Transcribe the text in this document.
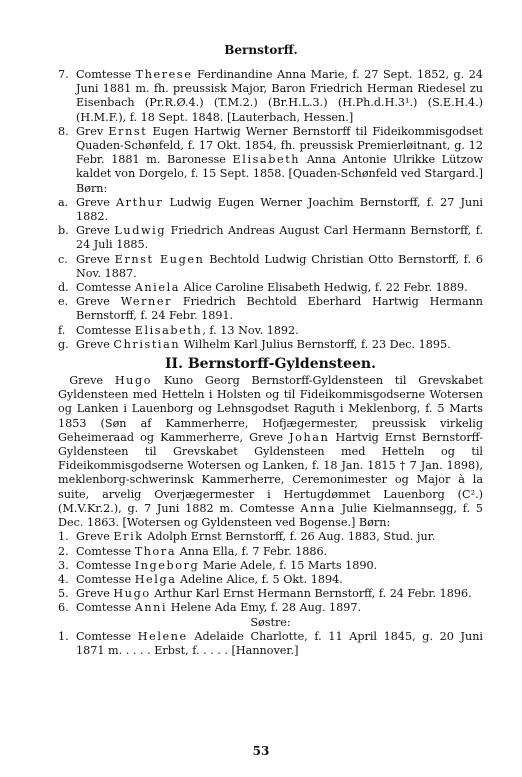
Bernstorff.

7. Comtesse Therese Ferdinandine Anna Marie, f. 27 Sept. 1852, g. 24 Juni 1881 m. fh. preussisk Major, Baron Friedrich Herman Riedesel zu Eisenbach (Pr.R.Ø.4.) (T.M.2.) (Br.H.L.3.) (H.Ph.d.H.3¹.) (S.E.H.4.) (H.M.F.), f. 18 Sept. 1848. [Lauterbach, Hessen.]

8. Grev Ernst Eugen Hartwig Werner Bernstorff til Fideikommisgodset Quaden-Schønfeld, f. 17 Okt. 1854, fh. preussisk Premierløitnant, g. 12 Febr. 1881 m. Baronesse Elisabeth Anna Antonie Ulrikke Lützow kaldet von Dorgelo, f. 15 Sept. 1858. [Quaden-Schønfeld ved Stargard.] Børn:

a. Greve Arthur Ludwig Eugen Werner Joachim Bernstorff, f. 27 Juni 1882.

b. Greve Ludwig Friedrich Andreas August Carl Hermann Bernstorff, f. 24 Juli 1885.

c. Greve Ernst Eugen Bechtold Ludwig Christian Otto Bernstorff, f. 6 Nov. 1887.

d. Comtesse Aniela Alice Caroline Elisabeth Hedwig, f. 22 Febr. 1889.

e. Greve Werner Friedrich Bechtold Eberhard Hartwig Hermann Bernstorff, f. 24 Febr. 1891.

f. Comtesse Elisabeth, f. 13 Nov. 1892.

g. Greve Christian Wilhelm Karl Julius Bernstorff, f. 23 Dec. 1895.

II. Bernstorff-Gyldensteen.

 Greve Hugo Kuno Georg Bernstorff-Gyldensteen til Grevskabet Gyldensteen med Hetteln i Holsten og til Fideikommisgodserne Wotersen og Lanken i Lauenborg og Lehnsgodset Raguth i Meklenborg, f. 5 Marts 1853 (Søn af Kammerherre, Hofjægermester, preussisk virkelig Geheimeraad og Kammerherre, Greve Johan Hartvig Ernst Bernstorff-Gyldensteen til Grevskabet Gyldensteen med Hetteln og til Fideikommisgodserne Wotersen og Lanken, f. 18 Jan. 1815 † 7 Jan. 1898), meklenborg-schwerinsk Kammerherre, Ceremonimester og Major à la suite, arvelig Overjægermester i Hertugdømmet Lauenborg (C².) (M.V.Kr.2.), g. 7 Juni 1882 m. Comtesse Anna Julie Kielmannsegg, f. 5 Dec. 1863. [Wotersen og Gyldensteen ved Bogense.] Børn:

1. Greve Erik Adolph Ernst Bernstorff, f. 26 Aug. 1883, Stud. jur.

2. Comtesse Thora Anna Ella, f. 7 Febr. 1886.

3. Comtesse Ingeborg Marie Adele, f. 15 Marts 1890.

4. Comtesse Helga Adeline Alice, f. 5 Okt. 1894.

5. Greve Hugo Arthur Karl Ernst Hermann Bernstorff, f. 24 Febr. 1896.

6. Comtesse Anni Helene Ada Emy, f. 28 Aug. 1897.

Søstre:

1. Comtesse Helene Adelaide Charlotte, f. 11 April 1845, g. 20 Juni 1871 m. . . . . Erbst, f. . . . . [Hannover.]

53
